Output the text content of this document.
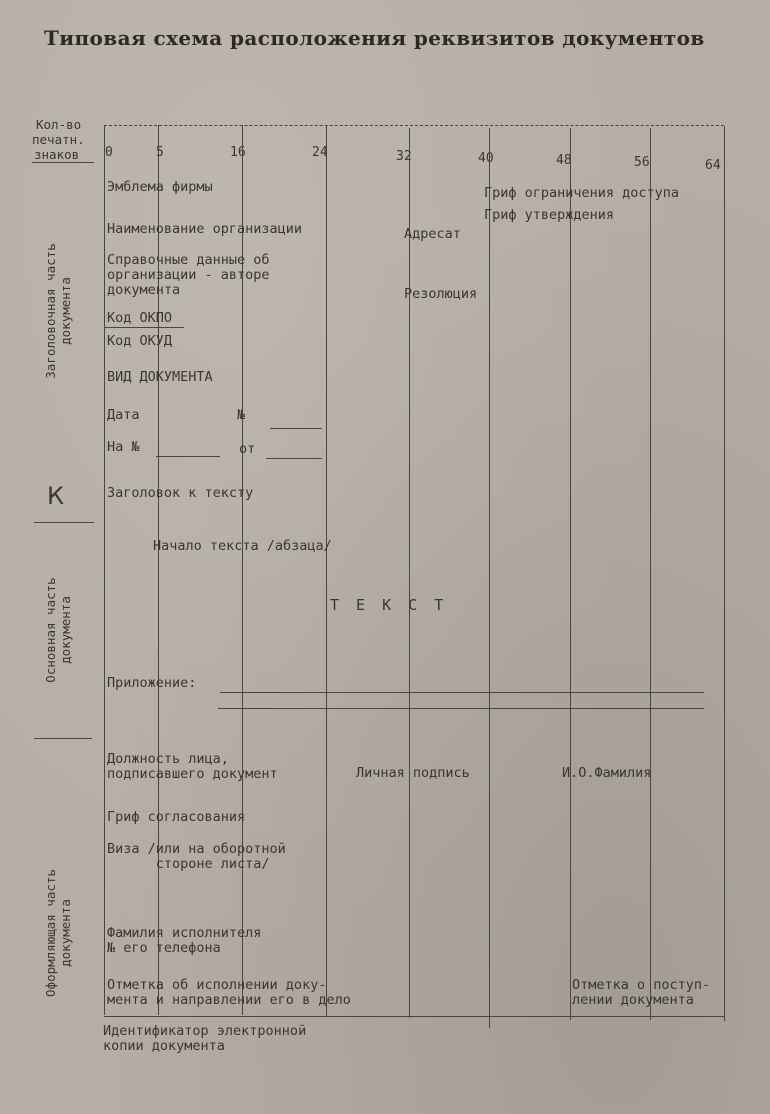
Типовая схема расположения реквизитов документов
Кол-во
печатн.
знаков 0	5	16	24	32	40	48	56	64
Заголовочная часть
документа
К
Основная часть
документа
Оформляющая часть
документа
Эмблема фирмы	Гриф ограничения доступа
Гриф утверждения
Наименование организации	Адресат
Справочные данные об
организации - авторе
документа	Резолюция
Код ОКПО
Код ОКУД
ВИД ДОКУМЕНТА
Дата	№
На №	от
Заголовок к тексту
Начало текста /абзаца/
Т Е К С Т
Приложение:
Должность лица,
подписавшего документ	Личная подпись	И.О.Фамилия
Гриф согласования
Виза /или на оборотной
стороне листа/
Фамилия исполнителя
№ его телефона
Отметка об исполнении доку-
мента и направлении его в дело
Отметка о поступ-
лении документа
Идентификатор электронной
копии документа
